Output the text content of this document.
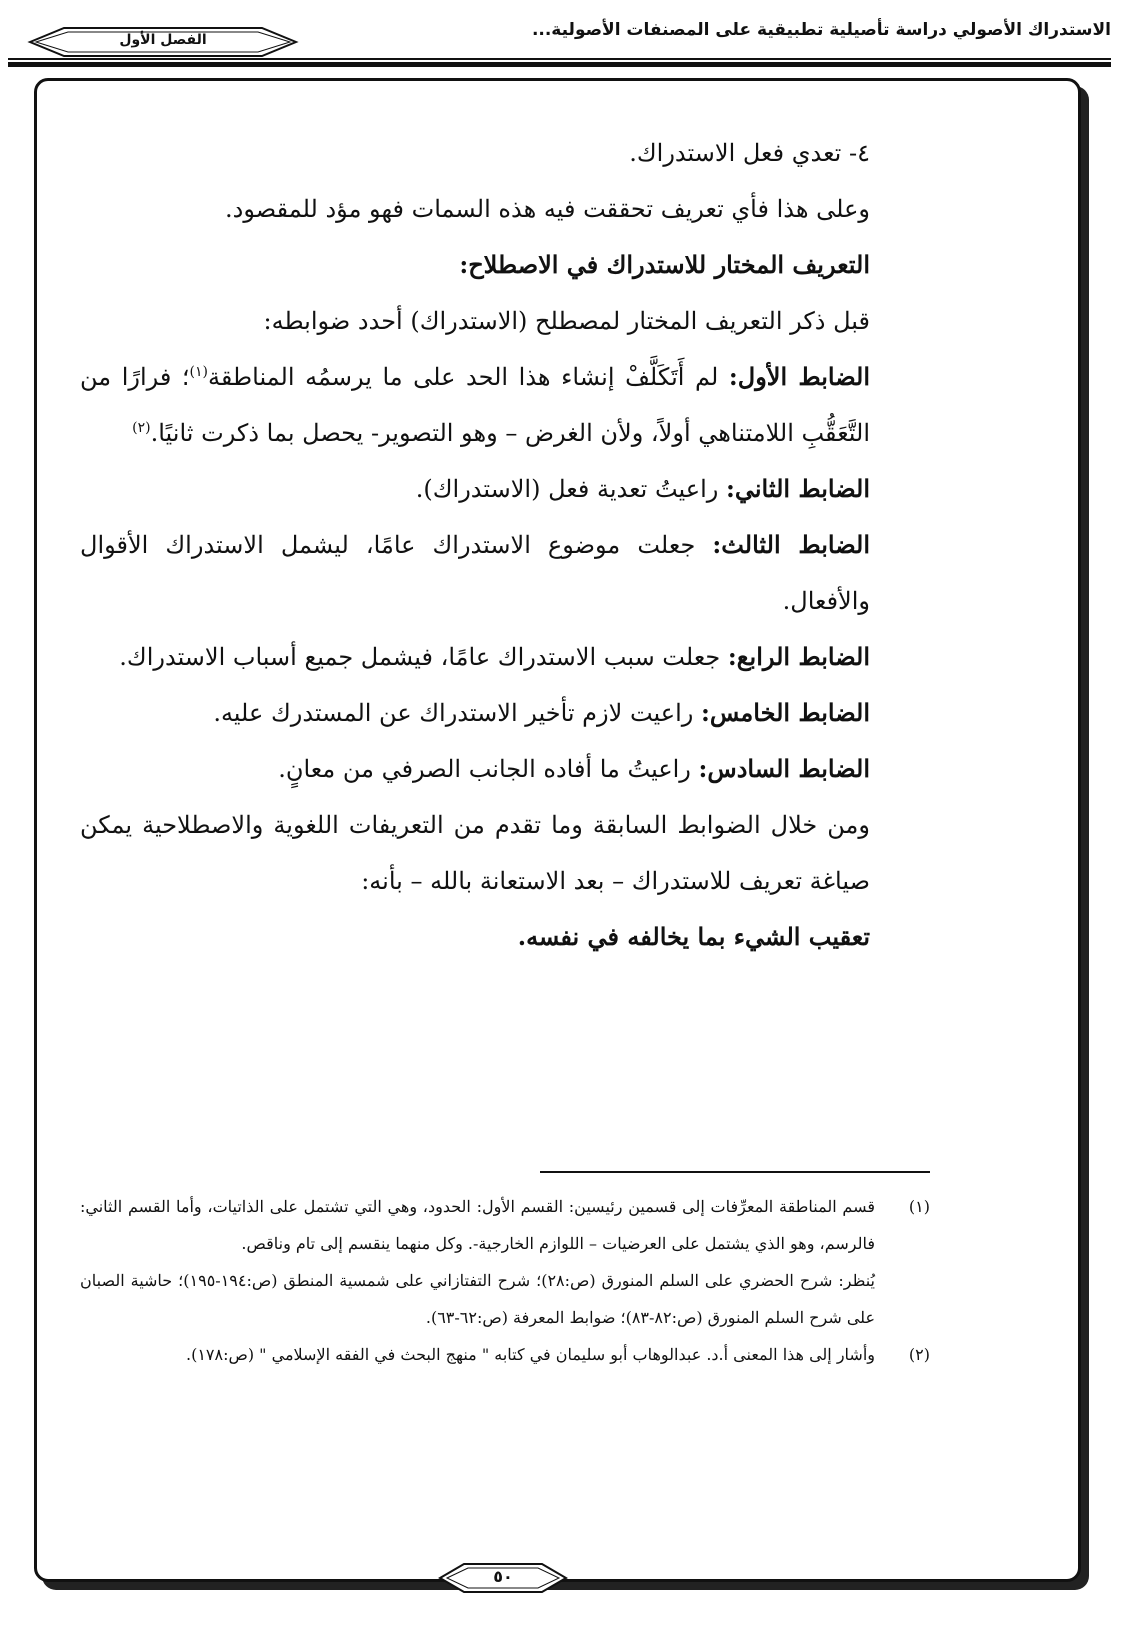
الاستدراك الأصولي دراسة تأصيلية تطبيقية على المصنفات الأصولية...
الفصل الأول

٤- تعدي فعل الاستدراك.

وعلى هذا فأي تعريف تحققت فيه هذه السمات فهو مؤد للمقصود.

التعريف المختار للاستدراك في الاصطلاح:

قبل ذكر التعريف المختار لمصطلح (الاستدراك) أحدد ضوابطه:

الضابط الأول: لم أَتَكَلَّفْ إنشاء هذا الحد على ما يرسمُه المناطقة$^{(١)}$؛ فرارًا من التَّعَقُّبِ اللامتناهي أولاً، ولأن الغرض – وهو التصوير- يحصل بما ذكرت ثانيًا.$^{(٢)}$

الضابط الثاني: راعيتُ تعدية فعل (الاستدراك).

الضابط الثالث: جعلت موضوع الاستدراك عامًا، ليشمل الاستدراك الأقوال والأفعال.

الضابط الرابع: جعلت سبب الاستدراك عامًا، فيشمل جميع أسباب الاستدراك.

الضابط الخامس: راعيت لازم تأخير الاستدراك عن المستدرك عليه.

الضابط السادس: راعيتُ ما أفاده الجانب الصرفي من معانٍ.

ومن خلال الضوابط السابقة وما تقدم من التعريفات اللغوية والاصطلاحية يمكن صياغة تعريف للاستدراك – بعد الاستعانة بالله – بأنه:

تعقيب الشيء بما يخالفه في نفسه.

(١)

قسم المناطقة المعرِّفات إلى قسمين رئيسين: القسم الأول: الحدود، وهي التي تشتمل على الذاتيات، وأما القسم الثاني: فالرسم، وهو الذي يشتمل على العرضيات – اللوازم الخارجية-. وكل منهما ينقسم إلى تام وناقص.

يُنظر: شرح الحضري على السلم المنورق (ص:٢٨)؛ شرح التفتازاني على شمسية المنطق (ص:١٩٤-١٩٥)؛ حاشية الصبان على شرح السلم المنورق (ص:٨٢-٨٣)؛ ضوابط المعرفة (ص:٦٢-٦٣).

(٢)

وأشار إلى هذا المعنى أ.د. عبدالوهاب أبو سليمان في كتابه " منهج البحث في الفقه الإسلامي " (ص:١٧٨).

٥٠
